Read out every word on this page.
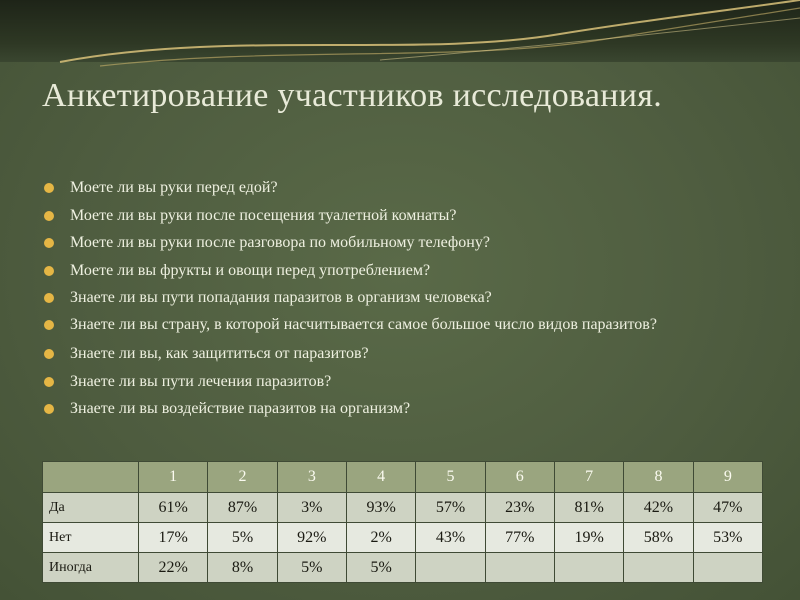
Анкетирование участников исследования.
Моете ли вы руки перед едой?
Моете ли вы руки после посещения туалетной комнаты?
Моете ли вы руки после разговора по мобильному телефону?
Моете ли вы фрукты и овощи перед употреблением?
Знаете ли вы пути попадания паразитов в организм человека?
Знаете ли вы страну, в которой насчитывается самое большое число видов паразитов?
Знаете ли вы, как защититься от паразитов?
Знаете ли вы пути лечения паразитов?
Знаете ли вы воздействие паразитов на организм?
	1	2	3	4	5	6	7	8	9
Да	61%	87%	3%	93%	57%	23%	81%	42%	47%
Нет	17%	5%	92%	2%	43%	77%	19%	58%	53%
Иногда	22%	8%	5%	5%					
